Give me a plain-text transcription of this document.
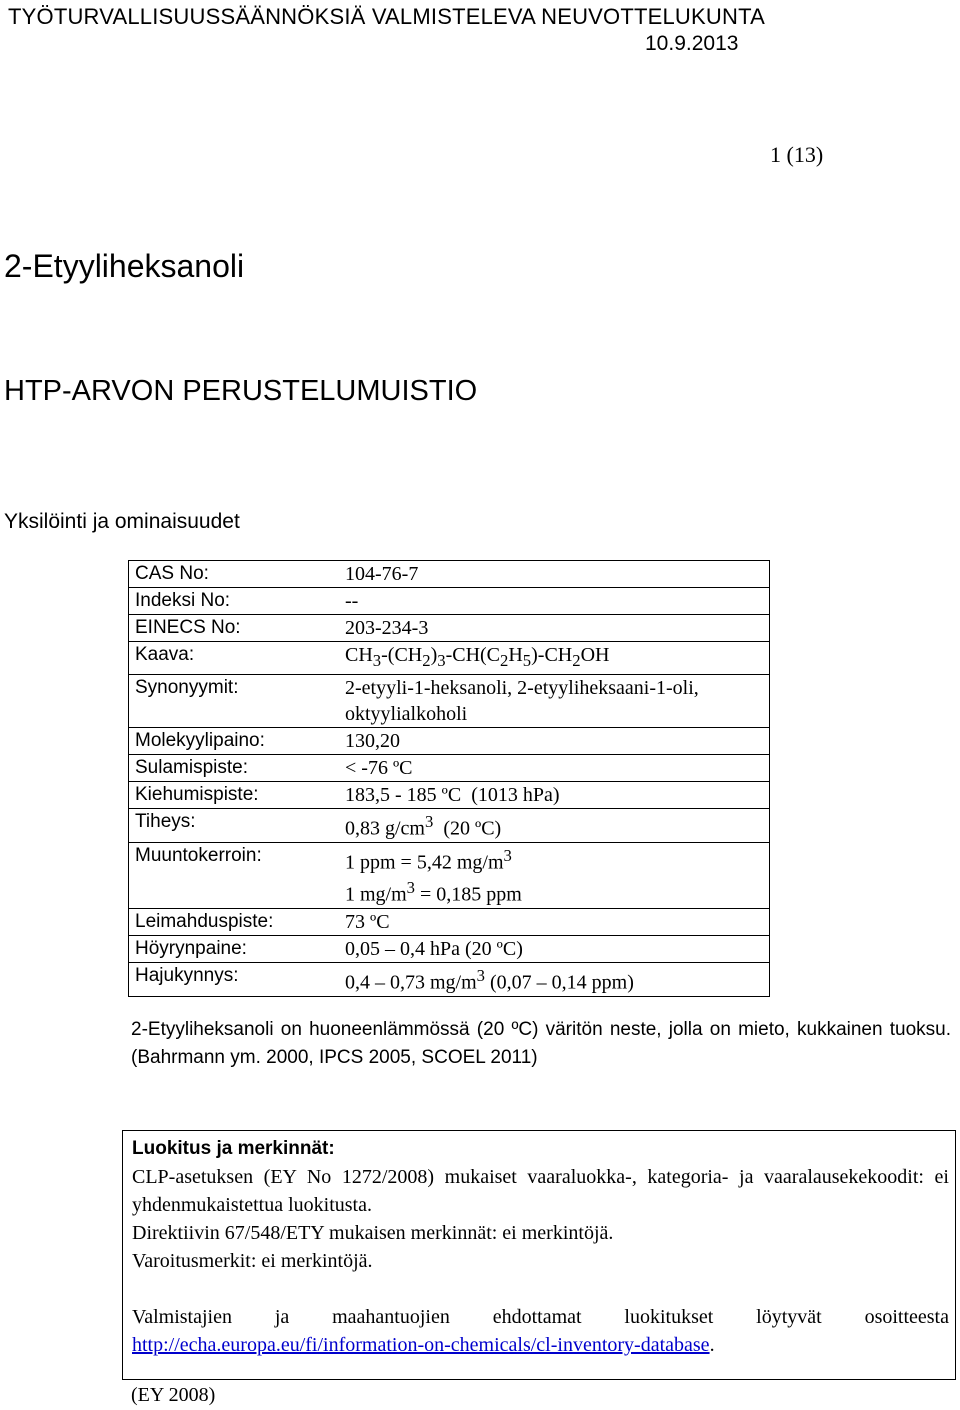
TYÖTURVALLISUUSSÄÄNNÖKSIÄ VALMISTELEVA NEUVOTTELUKUNTA
10.9.2013
1 (13)
2-Etyyliheksanoli
HTP-ARVON PERUSTELUMUISTIO
Yksilöinti ja ominaisuudet
CAS No:	104-76-7
Indeksi No:	--
EINECS No:	203-234-3
Kaava:	$CH_3-(CH_2)_3-CH(C_2H_5)-CH_2OH$
Synonyymit:	2-etyyli-1-heksanoli, 2-etyyliheksaani-1-oli,
oktyylialkoholi

Molekyylipaino:	130,20
Sulamispiste:	< -76 ºC
Kiehumispiste:	183,5 - 185 ºC  (1013 hPa)
Tiheys:	0,83 $g/cm^3$  (20 ºC)
Muuntokerroin:	1 ppm = 5,42 $mg/m^3$
1 $mg/m^3 = 0,185$ ppm

Leimahduspiste:	73 ºC
Höyrynpaine:	0,05 – 0,4 hPa (20 ºC)
Hajukynnys:	0,4 – 0,73 $mg/m^3$ (0,07 – 0,14 ppm)
2-Etyyliheksanoli on huoneenlämmössä (20 ºC) väritön neste, jolla on mieto, kukkainen tuoksu. (Bahrmann ym. 2000, IPCS 2005, SCOEL 2011)

Luokitus ja merkinnät:

CLP-asetuksen (EY No 1272/2008) mukaiset vaaraluokka-, kategoria- ja vaaralausekekoodit: ei yhdenmukaistettua luokitusta.

Direktiivin 67/548/ETY mukaisen merkinnät: ei merkintöjä.

Varoitusmerkit: ei merkintöjä.

Valmistajien ja maahantuojien ehdottamat luokitukset löytyvät osoitteesta

http://echa.europa.eu/fi/information-on-chemicals/cl-inventory-database.

(EY 2008)
